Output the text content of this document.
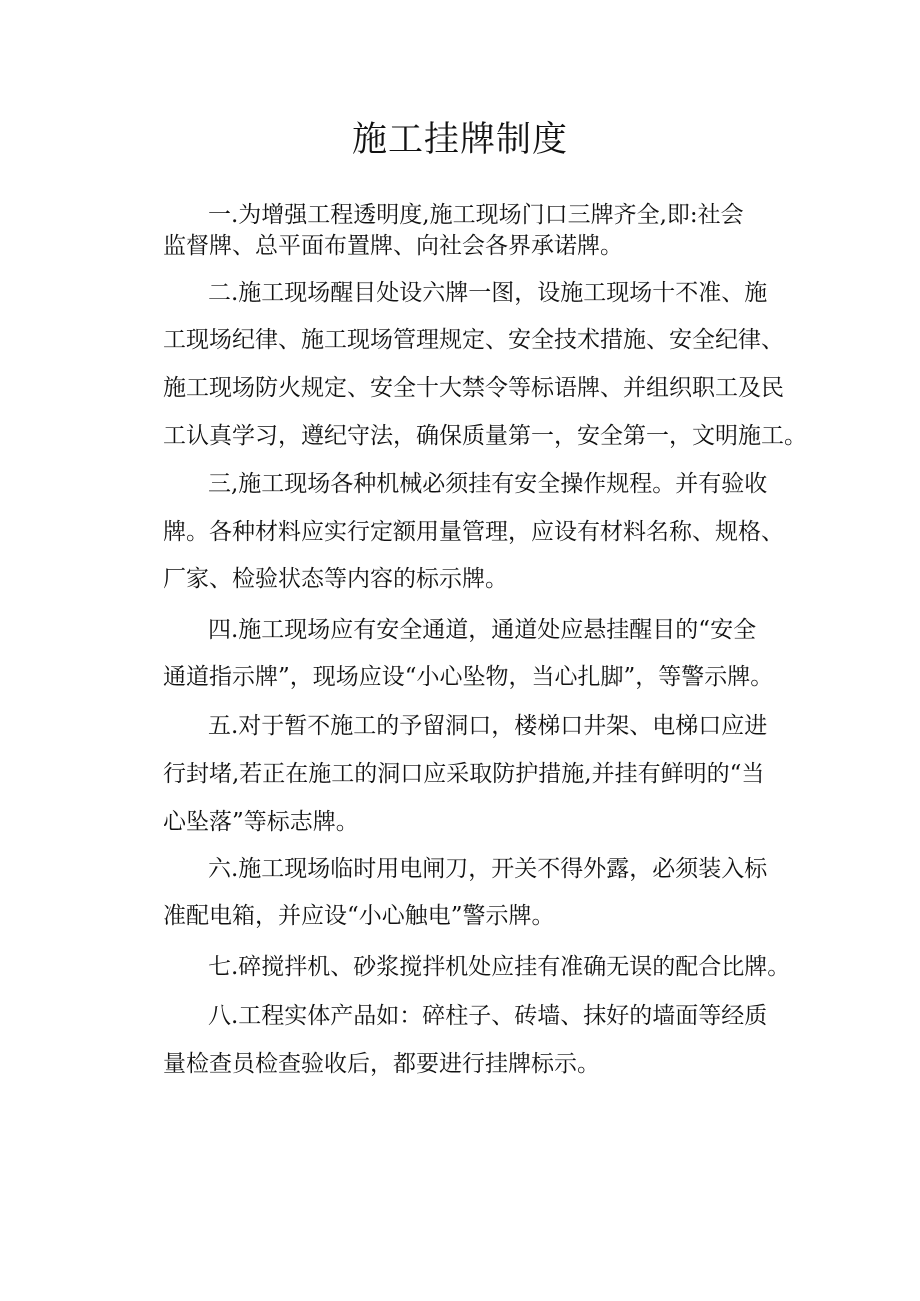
施工挂牌制度

一.为增强工程透明度,施工现场门口三牌齐全,即:社会

监督牌、总平面布置牌、向社会各界承诺牌。

二.施工现场醒目处设六牌一图，设施工现场十不准、施

工现场纪律、施工现场管理规定、安全技术措施、安全纪律、

施工现场防火规定、安全十大禁令等标语牌、并组织职工及民

工认真学习，遵纪守法，确保质量第一，安全第一，文明施工。

三,施工现场各种机械必须挂有安全操作规程。并有验收

牌。各种材料应实行定额用量管理，应设有材料名称、规格、

厂家、检验状态等内容的标示牌。

四.施工现场应有安全通道，通道处应悬挂醒目的“安全

通道指示牌”，现场应设“小心坠物，当心扎脚”，等警示牌。

五.对于暂不施工的予留洞口，楼梯口井架、电梯口应进

行封堵,若正在施工的洞口应采取防护措施,并挂有鲜明的“当

心坠落”等标志牌。

六.施工现场临时用电闸刀，开关不得外露，必须装入标

准配电箱，并应设“小心触电”警示牌。

七.碎搅拌机、砂浆搅拌机处应挂有准确无误的配合比牌。

八.工程实体产品如：碎柱子、砖墙、抹好的墙面等经质

量检查员检查验收后，都要进行挂牌标示。
